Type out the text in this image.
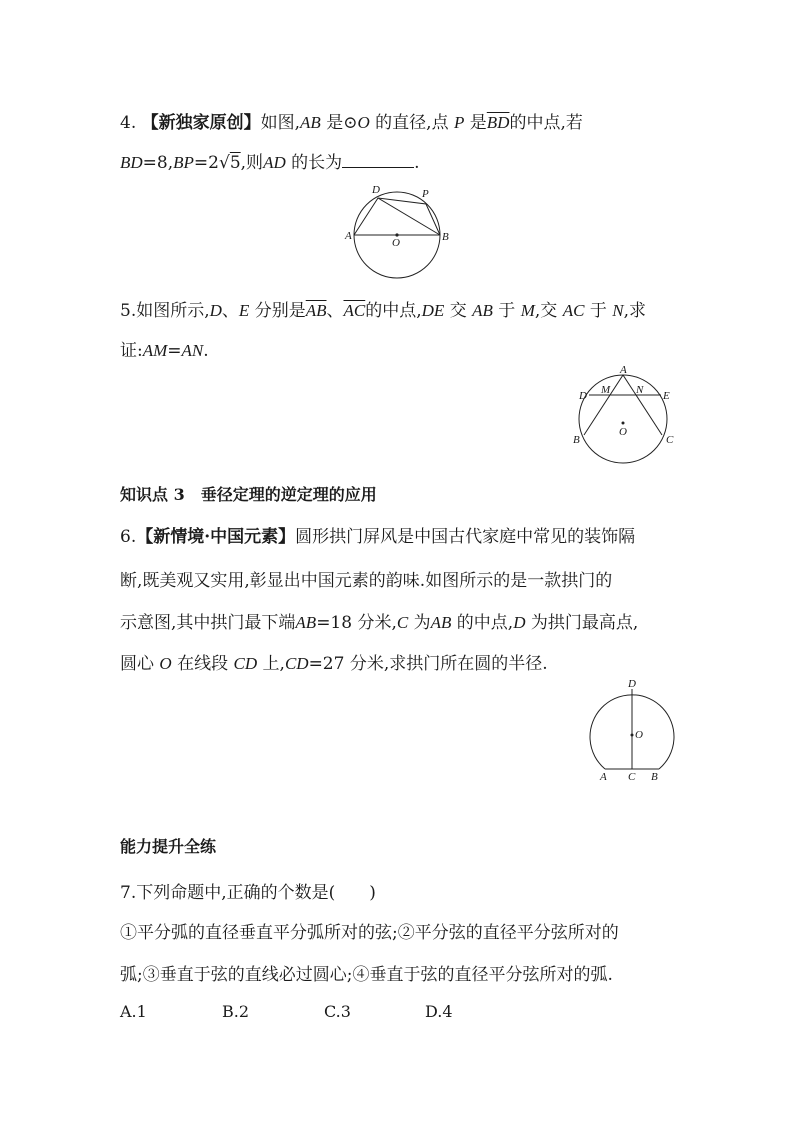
4. 【新独家原创】如图,AB 是⊙O 的直径,点 P 是$\overline{BD}$的中点,若
BD=8,BP=2√5,则AD 的长为	.
D	P
A
O	B
5.如图所示,D、E 分别是$\overline{AB}$、$\overline{AC}$的中点,DE 交 AB 于 M,交 AC 于 N,求
证:AM=AN.
A
D M N E
O
B	C
知识点 3　垂径定理的逆定理的应用
6.【新情境·中国元素】圆形拱门屏风是中国古代家庭中常见的装饰隔
断,既美观又实用,彰显出中国元素的韵味.如图所示的是一款拱门的
示意图,其中拱门最下端AB=18 分米,C 为AB 的中点,D 为拱门最高点,
圆心 O 在线段 CD 上,CD=27 分米,求拱门所在圆的半径.
D
O
A C B
能力提升全练
7.下列命题中,正确的个数是(　　)
①平分弧的直径垂直平分弧所对的弦;②平分弦的直径平分弦所对的
弧;③垂直于弦的直线必过圆心;④垂直于弦的直径平分弦所对的弧.
A.1	B.2	C.3	D.4
